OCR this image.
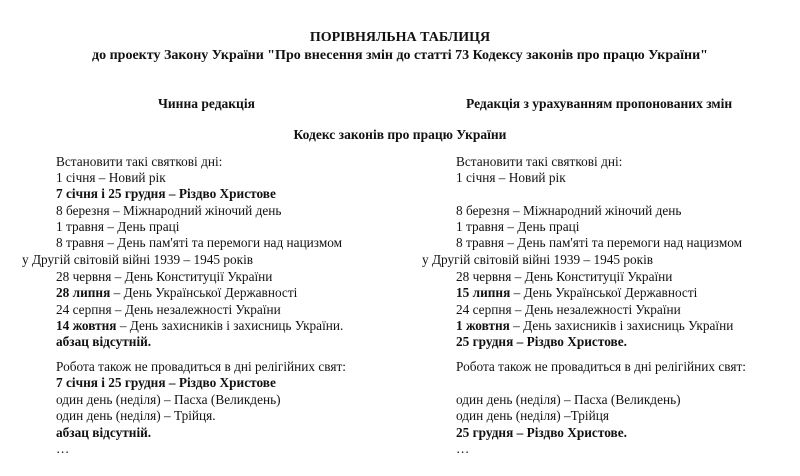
ПОРІВНЯЛЬНА ТАБЛИЦЯ
до проекту Закону України "Про внесення змін до статті 73 Кодексу законів про працю України"
Чинна редакція	Редакція з урахуванням пропонованих змін
Кодекс законів про працю України
Встановити такі святкові дні:
1 січня – Новий рік
7 січня і 25 грудня – Різдво Христове
8 березня – Міжнародний жіночий день
1 травня – День праці
8 травня – День пам'яті та перемоги над нацизмом
у Другій світовій війні 1939 – 1945 років
28 червня – День Конституції України
28 липня – День Української Державності
24 серпня – День незалежності України
14 жовтня – День захисників і захисниць України.
абзац відсутній.
Робота також не провадиться в дні релігійних свят:
7 січня і 25 грудня – Різдво Христове
один день (неділя) – Пасха (Великдень)
один день (неділя) – Трійця.
абзац відсутній.
…
Встановити такі святкові дні:
1 січня – Новий рік
8 березня – Міжнародний жіночий день
1 травня – День праці
8 травня – День пам'яті та перемоги над нацизмом
у Другій світовій війні 1939 – 1945 років
28 червня – День Конституції України
15 липня – День Української Державності
24 серпня – День незалежності України
1 жовтня – День захисників і захисниць України
25 грудня – Різдво Христове.
Робота також не провадиться в дні релігійних свят:
один день (неділя) – Пасха (Великдень)
один день (неділя) –Трійця
25 грудня – Різдво Христове.
…
